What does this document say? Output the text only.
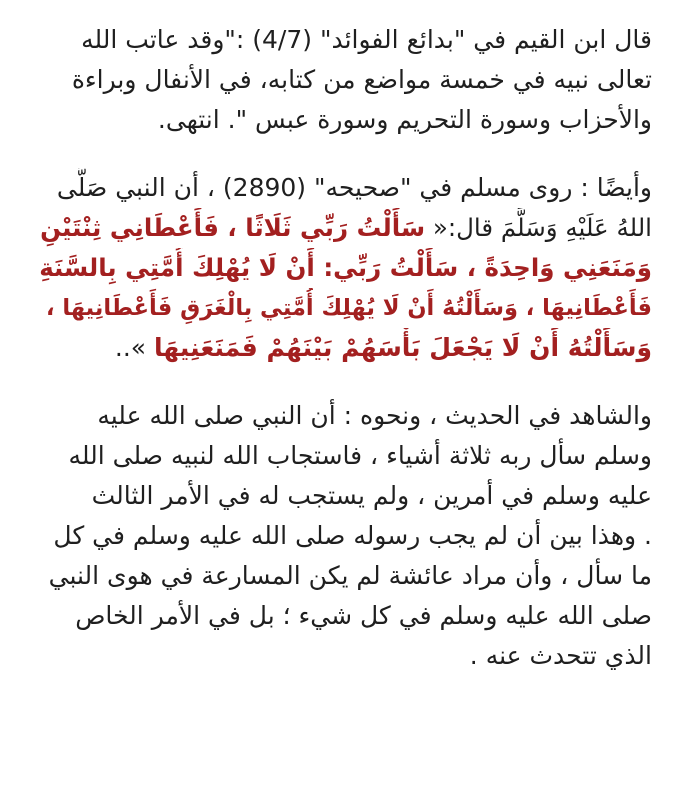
قال ابن القيم في "بدائع الفوائد" (4/7) :"وقد عاتب الله
تعالى نبيه في خمسة مواضع من كتابه، في الأنفال وبراءة
والأحزاب وسورة التحريم وسورة عبس ". انتهى.

وأيضًا : روى مسلم في "صحيحه" (2890) ، أن النبي صَلَّى
اللهُ عَلَيْهِ وَسَلَّمَ قال:« سَأَلْتُ رَبِّي ثَلَاثًا ، فَأَعْطَانِي ثِنْتَيْنِ
وَمَنَعَنِي وَاحِدَةً ، سَأَلْتُ رَبِّي: أَنْ لَا يُهْلِكَ أُمَّتِي بِالسَّنَةِ
فَأَعْطَانِيهَا ، وَسَأَلْتُهُ أَنْ لَا يُهْلِكَ أُمَّتِي بِالْغَرَقِ فَأَعْطَانِيهَا ،
وَسَأَلْتُهُ أَنْ لَا يَجْعَلَ بَأْسَهُمْ بَيْنَهُمْ فَمَنَعَنِيهَا »..

والشاهد في الحديث ، ونحوه : أن النبي صلى الله عليه
وسلم سأل ربه ثلاثة أشياء ، فاستجاب الله لنبيه صلى الله
عليه وسلم في أمرين ، ولم يستجب له في الأمر الثالث
. وهذا بين أن لم يجب رسوله صلى الله عليه وسلم في كل
ما سأل ، وأن مراد عائشة لم يكن المسارعة في هوى النبي
صلى الله عليه وسلم في كل شيء ؛ بل في الأمر الخاص
الذي تتحدث عنه .
